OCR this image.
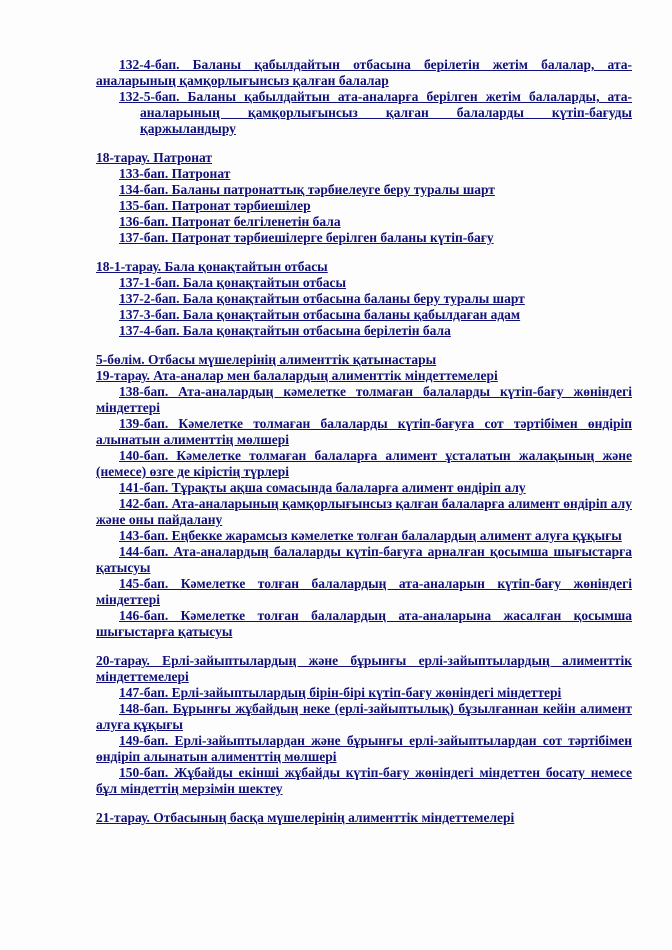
132-4-бап. Баланы қабылдайтын отбасына берілетін жетім балалар, ата-аналарының қамқорлығынсыз қалған балалар

132-5-бап. Баланы қабылдайтын ата-аналарға берілген жетім балаларды, ата-аналарының қамқорлығынсыз қалған балаларды күтіп-бағуды қаржыландыру

18-тарау. Патронат

133-бап. Патронат

134-бап. Баланы патронаттық тәрбиелеуге беру туралы шарт

135-бап. Патронат тәрбиешілер

136-бап. Патронат белгіленетін бала

137-бап. Патронат тәрбиешілерге берілген баланы күтіп-бағу

18-1-тарау. Бала қонақтайтын отбасы

137-1-бап. Бала қонақтайтын отбасы

137-2-бап. Бала қонақтайтын отбасына баланы беру туралы шарт

137-3-бап. Бала қонақтайтын отбасына баланы қабылдаған адам

137-4-бап. Бала қонақтайтын отбасына берілетін бала

5-бөлім. Отбасы мүшелерінің алименттік қатынастары

19-тарау. Ата-аналар мен балалардың алименттік міндеттемелері

138-бап. Ата-аналардың кәмелетке толмаған балаларды күтіп-бағу жөніндегі міндеттері

139-бап. Кәмелетке толмаған балаларды күтіп-бағуға сот тәртібімен өндіріп алынатын алименттің мөлшері

140-бап. Кәмелетке толмаған балаларға алимент ұсталатын жалақының және (немесе) өзге де кірістің түрлері

141-бап. Тұрақты ақша сомасында балаларға алимент өндіріп алу

142-бап. Ата-аналарының қамқорлығынсыз қалған балаларға алимент өндіріп алу және оны пайдалану

143-бап. Еңбекке жарамсыз кәмелетке толған балалардың алимент алуға құқығы

144-бап. Ата-аналардың балаларды күтіп-бағуға арналған қосымша шығыстарға қатысуы

145-бап. Кәмелетке толған балалардың ата-аналарын күтіп-бағу жөніндегі міндеттері

146-бап. Кәмелетке толған балалардың ата-аналарына жасалған қосымша шығыстарға қатысуы

20-тарау. Ерлі-зайыптылардың және бұрынғы ерлі-зайыптылардың алименттік міндеттемелері

147-бап. Ерлі-зайыптылардың бірін-бірі күтіп-бағу жөніндегі міндеттері

148-бап. Бұрынғы жұбайдың неке (ерлі-зайыптылық) бұзылғаннан кейін алимент алуға құқығы

149-бап. Ерлі-зайыптылардан және бұрынғы ерлі-зайыптылардан сот тәртібімен өндіріп алынатын алименттің мөлшері

150-бап. Жұбайды екінші жұбайды күтіп-бағу жөніндегі міндеттен босату немесе бұл міндеттің мерзімін шектеу

21-тарау. Отбасының басқа мүшелерінің алименттік міндеттемелері
